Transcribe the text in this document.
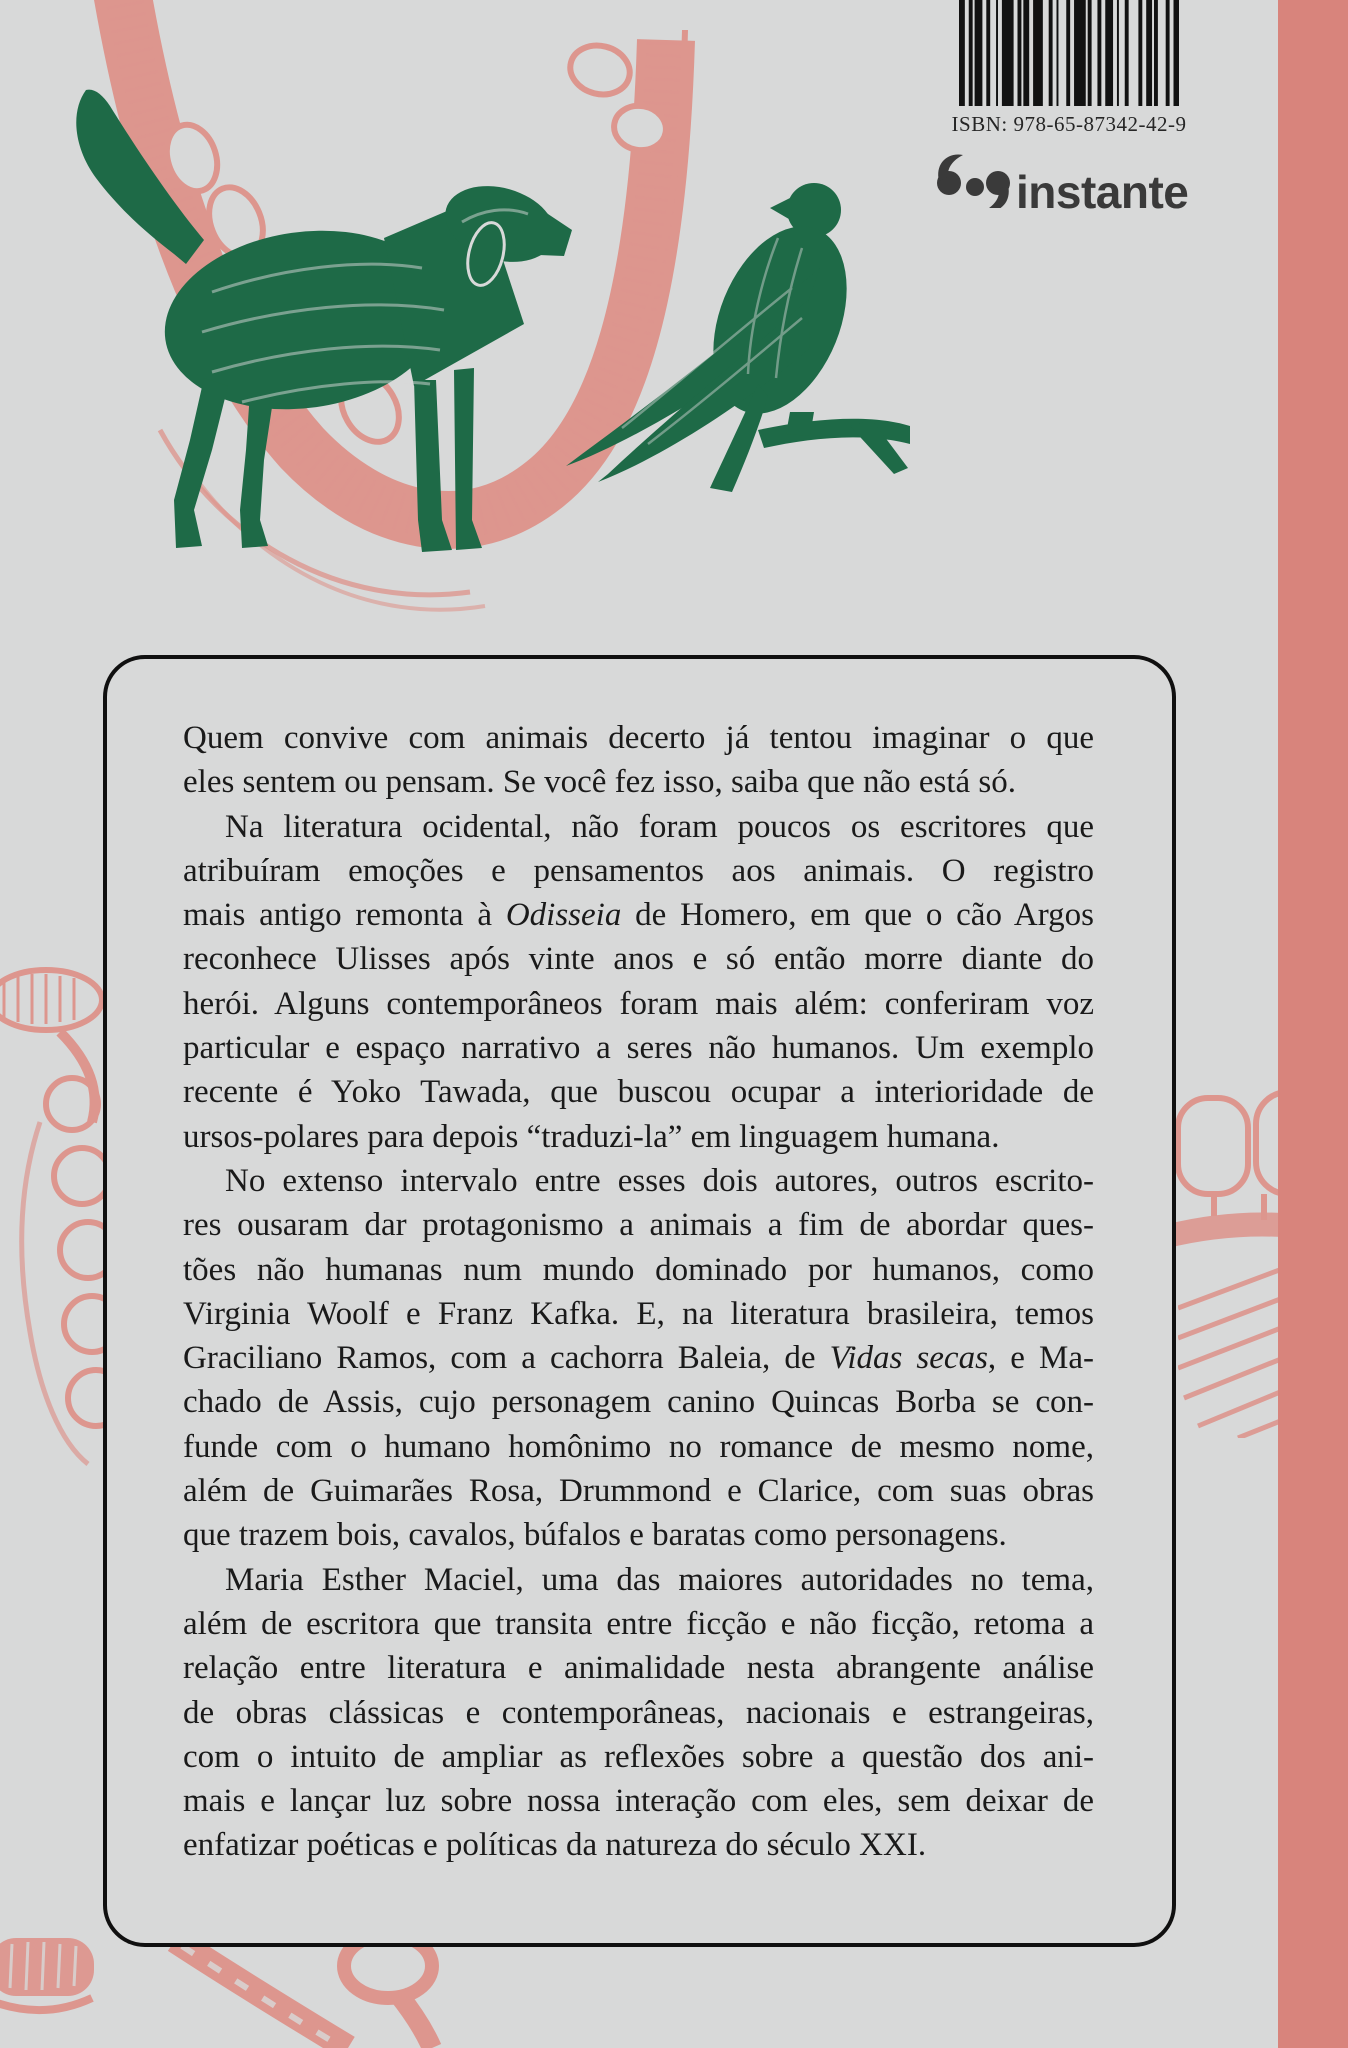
ISBN: 978-65-87342-42-9
instante
Quem convive com animais decerto já tentou imaginar o que
eles sentem ou pensam. Se você fez isso, saiba que não está só.
Na literatura ocidental, não foram poucos os escritores que
atribuíram emoções e pensamentos aos animais. O registro
mais antigo remonta à Odisseia de Homero, em que o cão Argos
reconhece Ulisses após vinte anos e só então morre diante do
herói. Alguns contemporâneos foram mais além: conferiram voz
particular e espaço narrativo a seres não humanos. Um exemplo
recente é Yoko Tawada, que buscou ocupar a interioridade de
ursos-polares para depois “traduzi-la” em linguagem humana.
No extenso intervalo entre esses dois autores, outros escrito-
res ousaram dar protagonismo a animais a fim de abordar ques-
tões não humanas num mundo dominado por humanos, como
Virginia Woolf e Franz Kafka. E, na literatura brasileira, temos
Graciliano Ramos, com a cachorra Baleia, de Vidas secas, e Ma-
chado de Assis, cujo personagem canino Quincas Borba se con-
funde com o humano homônimo no romance de mesmo nome,
além de Guimarães Rosa, Drummond e Clarice, com suas obras
que trazem bois, cavalos, búfalos e baratas como personagens.
Maria Esther Maciel, uma das maiores autoridades no tema,
além de escritora que transita entre ficção e não ficção, retoma a
relação entre literatura e animalidade nesta abrangente análise
de obras clássicas e contemporâneas, nacionais e estrangeiras,
com o intuito de ampliar as reflexões sobre a questão dos ani-
mais e lançar luz sobre nossa interação com eles, sem deixar de
enfatizar poéticas e políticas da natureza do século XXI.
